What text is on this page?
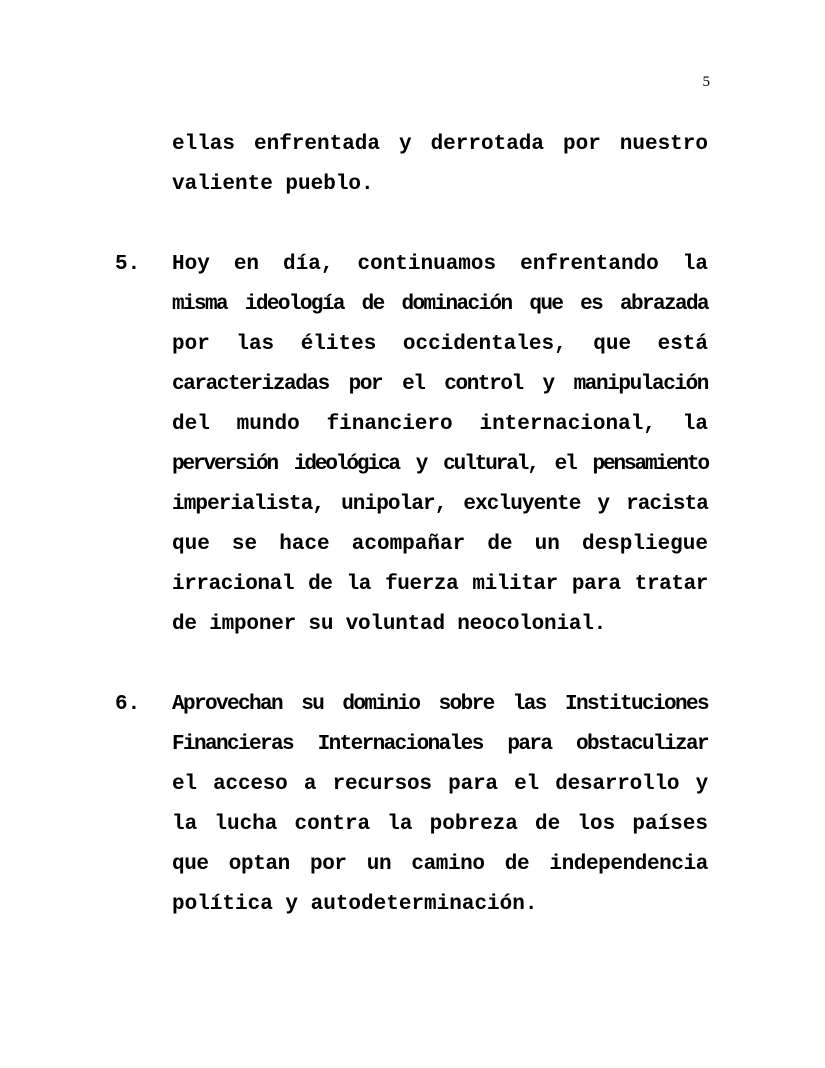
5
ellas enfrentada y derrotada por nuestro
valiente pueblo.
5. Hoy en día, continuamos enfrentando la
misma ideología de dominación que es abrazada
por las élites occidentales, que está
caracterizadas por el control y manipulación
del mundo financiero internacional, la
perversión ideológica y cultural, el pensamiento
imperialista, unipolar, excluyente y racista
que se hace acompañar de un despliegue
irracional de la fuerza militar para tratar
de imponer su voluntad neocolonial.
6. Aprovechan su dominio sobre las Instituciones
Financieras Internacionales para obstaculizar
el acceso a recursos para el desarrollo y
la lucha contra la pobreza de los países
que optan por un camino de independencia
política y autodeterminación.
